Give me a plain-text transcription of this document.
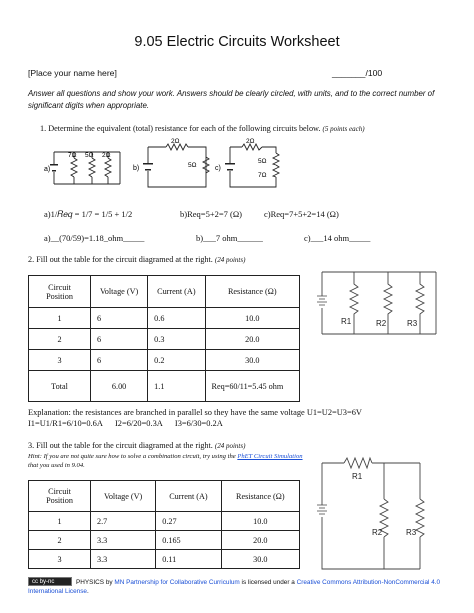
9.05 Electric Circuits Worksheet
[Place your name here]	_______/100
Answer all questions and show your work. Answers should be clearly circled, with units, and to the correct number of significant digits when appropriate.
1. Determine the equivalent (total) resistance for each of the following circuits below. (5 points each)
a)
7Ω 5Ω 2Ω
b)
2Ω
5Ω	c)
2Ω
5Ω
7Ω
a)1/𝑅𝑒𝑞 = 1/7 = 1/5 + 1/2	b)Req=5+2=7 (Ω)	c)Req=7+5+2=14 (Ω)
a)__(70/59)=1.18_ohm_____	b)___7 ohm______	c)___14 ohm_____
2. Fill out the table for the circuit diagramed at the right. (24 points)
Circuit Position	Voltage (V)	Current (A)	Resistance (Ω)
1	6	0.6	10.0
2	6	0.3	20.0
3	6	0.2	30.0
Total	6.00	1.1	Req=60/11=5.45 ohm
R1	R2	R3
Explanation: the resistances are branched in parallel so they have the same voltage U1=U2=U3=6V
I1=U1/R1=6/10=0.6A      I2=6/20=0.3A      I3=6/30=0.2A
3. Fill out the table for the circuit diagramed at the right. (24 points)
Hint: If you are not quite sure how to solve a combination circuit, try using the PhET Circuit Simulation that you used in 9.04.
Circuit Position	Voltage (V)	Current (A)	Resistance (Ω)
1	2.7	0.27	10.0
2	3.3	0.165	20.0
3	3.3	0.11	30.0
R1
R2	R3
cc by-nc	PHYSICS by MN Partnership for Collaborative Curriculum is licensed under a Creative Commons Attribution-NonCommercial 4.0 International License.
